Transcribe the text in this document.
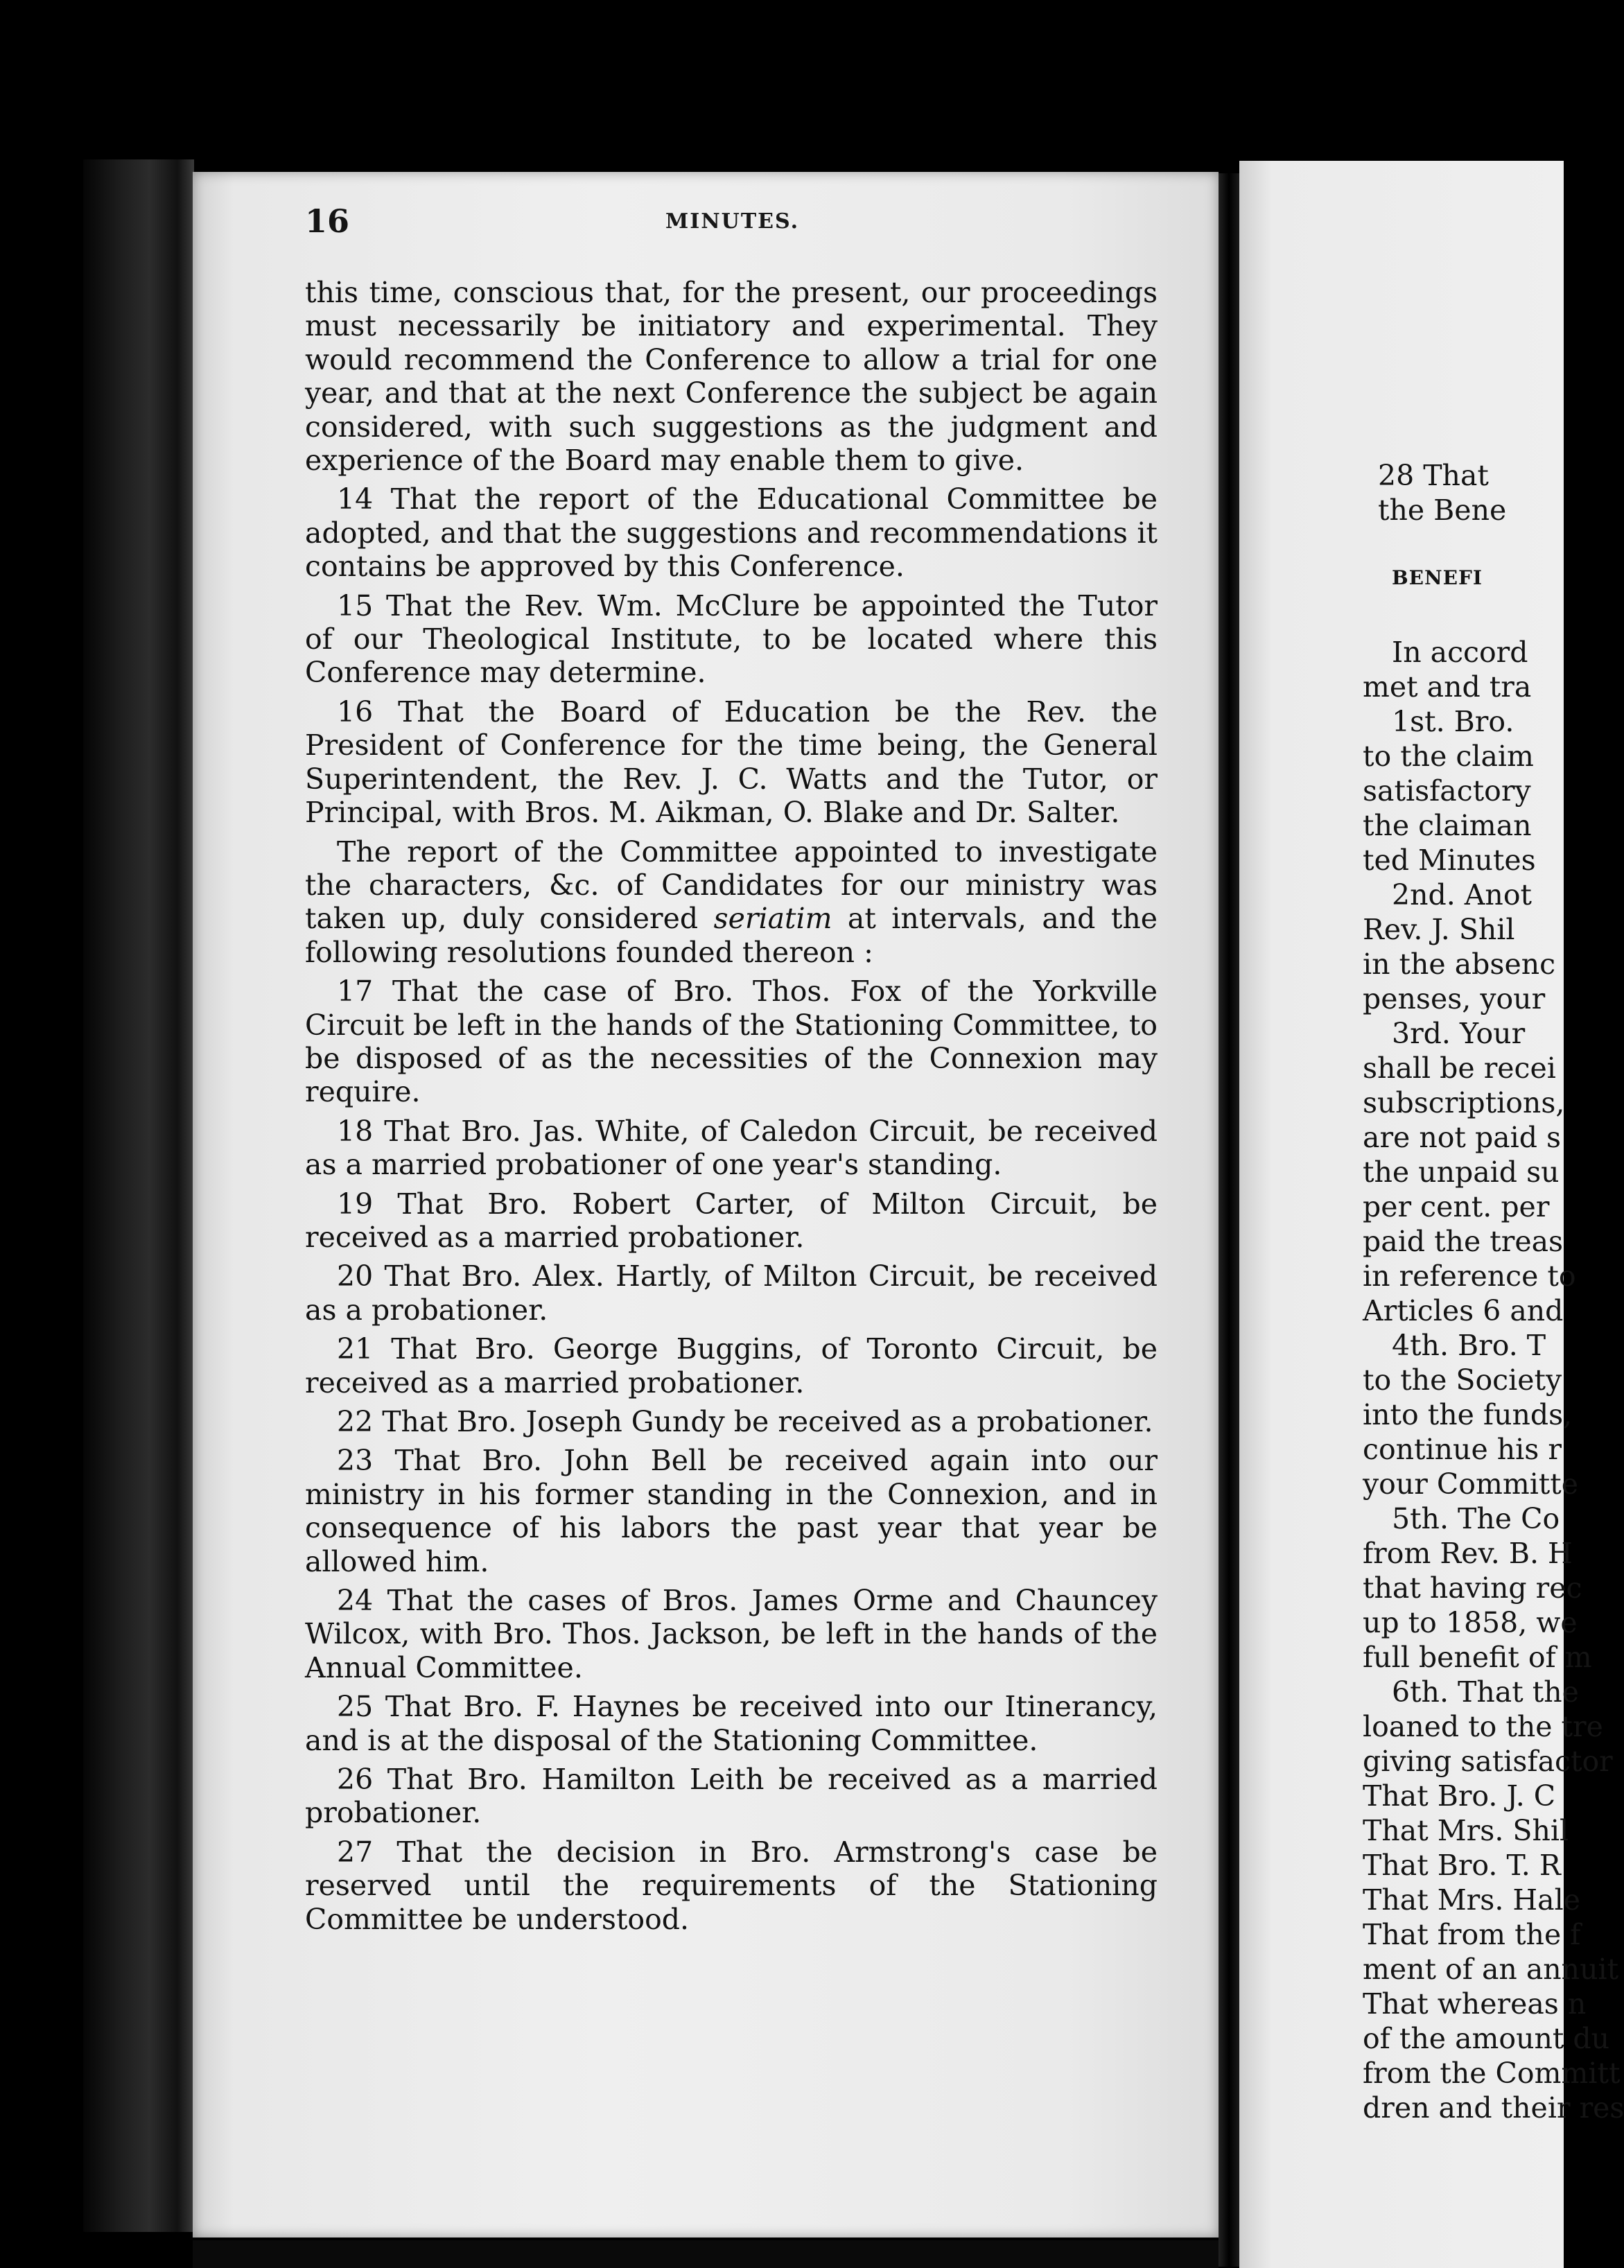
28 That
the Bene
BENEFI
In accord
met and tra
1st. Bro.
to the claim
satisfactory
the claiman
ted Minutes
2nd. Anot
Rev. J. Shil
in the absenc
penses, your
3rd. Your
shall be recei
subscriptions,
are not paid s
the unpaid su
per cent. per
paid the treas
in reference to
Articles 6 and
4th. Bro. T
to the Society
into the funds,
continue his r
your Committe
5th. The Co
from Rev. B. H
that having rec
up to 1858, we
full benefit of m
6th. That the
loaned to the tre
giving satisfactor
That Bro. J. C
That Mrs. Shil
That Bro. T. R
That Mrs. Hale
That from the f
ment of an annuit
That whereas n
of the amount du
from the Committ
dren and their res
16	MINUTES.

this time, conscious that, for the present, our proceedings must necessarily be initiatory and experimental. They would recommend the Conference to allow a trial for one year, and that at the next Conference the subject be again considered, with such suggestions as the judgment and experience of the Board may enable them to give.

14 That the report of the Educational Committee be adopted, and that the suggestions and recommendations it contains be approved by this Conference.

15 That the Rev. Wm. McClure be appointed the Tutor of our Theological Institute, to be located where this Conference may determine.

16 That the Board of Education be the Rev. the President of Conference for the time being, the General Superintendent, the Rev. J. C. Watts and the Tutor, or Principal, with Bros. M. Aikman, O. Blake and Dr. Salter.

The report of the Committee appointed to investigate the characters, &c. of Candidates for our ministry was taken up, duly considered seriatim at intervals, and the following resolutions founded thereon :

17 That the case of Bro. Thos. Fox of the Yorkville Circuit be left in the hands of the Stationing Committee, to be disposed of as the necessities of the Connexion may require.

18 That Bro. Jas. White, of Caledon Circuit, be received as a married probationer of one year's standing.

19 That Bro. Robert Carter, of Milton Circuit, be received as a married probationer.

20 That Bro. Alex. Hartly, of Milton Circuit, be received as a probationer.

21 That Bro. George Buggins, of Toronto Circuit, be received as a married probationer.

22 That Bro. Joseph Gundy be received as a probationer.

23 That Bro. John Bell be received again into our ministry in his former standing in the Connexion, and in consequence of his labors the past year that year be allowed him.

24 That the cases of Bros. James Orme and Chauncey Wilcox, with Bro. Thos. Jackson, be left in the hands of the Annual Committee.

25 That Bro. F. Haynes be received into our Itinerancy, and is at the disposal of the Stationing Committee.

26 That Bro. Hamilton Leith be received as a married probationer.

27 That the decision in Bro. Armstrong's case be reserved until the requirements of the Stationing Committee be understood.
